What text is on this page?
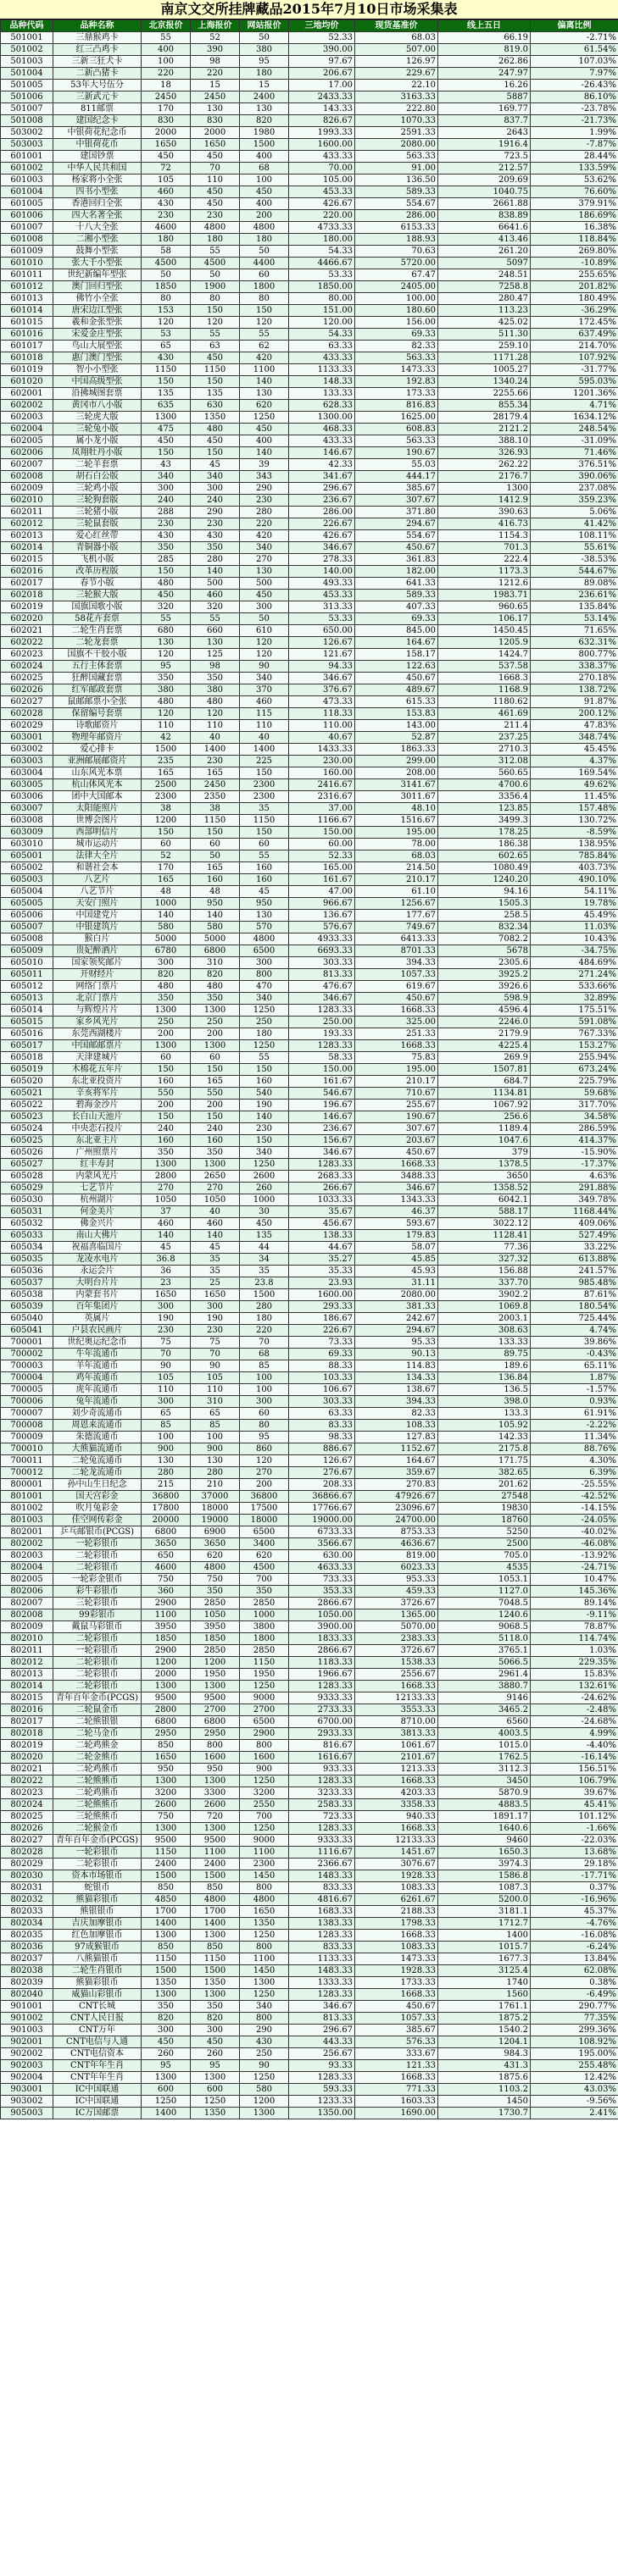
南京文交所挂牌藏品2015年7月10日市场采集表
品种代码	品种名称	北京报价	上海报价	网站报价	三地均价	现货基准价	线上五日	偏离比例
501001	三鼎猴鸡卡	55	52	50	52.33	68.03	66.19	-2.71%
501002	红三凸鸡卡	400	390	380	390.00	507.00	819.0	61.54%
501003	三新三狂犬卡	100	98	95	97.67	126.97	262.86	107.03%
501004	二新凸猪卡	220	220	180	206.67	229.67	247.97	7.97%
501005	53年大号伍分	18	15	15	17.00	22.10	16.26	-26.43%
501006	三新武元卡	2450	2450	2400	2433.33	3163.33	5887	86.10%
501007	811邮票	170	130	130	143.33	222.80	169.77	-23.78%
501008	建国纪念卡	830	830	820	826.67	1070.33	837.7	-21.73%
503002	中银荷花纪念币	2000	2000	1980	1993.33	2591.33	2643	1.99%
503003	中银荷花币	1650	1650	1500	1600.00	2080.00	1916.4	-7.87%
601001	建国钞票	450	450	400	433.33	563.33	723.5	28.44%
601002	中华人民共和国	72	70	68	70.00	91.00	212.57	133.59%
601003	杨家将小全张	105	110	100	105.00	136.50	209.69	53.62%
601004	四书小型张	460	450	450	453.33	589.33	1040.75	76.60%
601005	香港回归全张	430	450	400	426.67	554.67	2661.88	379.91%
601006	四大名著全张	230	230	200	220.00	286.00	838.89	186.69%
601007	十八大全张	4600	4800	4800	4733.33	6153.33	6641.6	16.38%
601008	二湘小型张	180	180	180	180.00	188.93	413.46	118.84%
601009	鼓舞小型张	58	55	50	54.33	70.63	261.20	269.80%
601010	张大千小型张	4500	4500	4400	4466.67	5720.00	5097	-10.89%
601011	世纪新编年型张	50	50	60	53.33	67.47	248.51	255.65%
601012	澳门回归型张	1850	1900	1800	1850.00	2405.00	7258.8	201.82%
601013	佛竹小全张	80	80	80	80.00	100.00	280.47	180.49%
601014	唐宋边江型张	153	150	150	151.00	180.60	113.23	-36.29%
601015	羲和金张型张	120	120	120	120.00	156.00	425.02	172.45%
601016	宋爱金庄型张	53	55	55	54.33	69.33	511.30	637.49%
601017	鸟山大展型张	65	63	62	63.33	82.33	259.10	214.70%
601018	惠门澳门型张	430	450	420	433.33	563.33	1171.28	107.92%
601019	智小小型张	1150	1150	1100	1133.33	1473.33	1005.27	-31.77%
601020	中国高级型张	150	150	140	148.33	192.83	1340.24	595.03%
602001	沿拂城图套票	135	135	130	133.33	173.33	2255.66	1201.36%
602002	黄冈市八小版	635	630	620	628.33	816.83	855.34	4.71%
602003	三轮虎大版	1300	1350	1250	1300.00	1625.00	28179.4	1634.12%
602004	三轮兔小版	475	480	450	468.33	608.83	2121.2	248.54%
602005	属小龙小版	450	450	400	433.33	563.33	388.10	-31.09%
602006	凤翔牡丹小版	150	150	140	146.67	190.67	326.93	71.46%
602007	二轮羊套票	43	45	39	42.33	55.03	262.22	376.51%
602008	胡石白公版	340	340	343	341.67	444.17	2176.7	390.06%
602009	三轮鸡小版	300	300	290	296.67	385.67	1300	237.08%
602010	三轮狗套版	240	240	230	236.67	307.67	1412.9	359.23%
602011	三轮猪小版	288	290	280	286.00	371.80	390.63	5.06%
602012	三轮鼠套版	230	230	220	226.67	294.67	416.73	41.42%
602013	爱心红丝带	430	430	420	426.67	554.67	1154.3	108.11%
602014	青铜器小版	350	350	340	346.67	450.67	701.3	55.61%
602015	飞机小版	285	280	270	278.33	361.83	222.4	-38.53%
602016	改革历程版	150	140	130	140.00	182.00	1173.3	544.67%
602017	春节小版	480	500	500	493.33	641.33	1212.6	89.08%
602018	三轮猴大版	450	460	450	453.33	589.33	1983.71	236.61%
602019	国旗国歌小版	320	320	300	313.33	407.33	960.65	135.84%
602020	58花卉套票	55	55	50	53.33	69.33	106.17	53.14%
602021	二轮生肖套票	680	660	610	650.00	845.00	1450.45	71.65%
602022	二轮龙套票	130	130	120	126.67	164.67	1205.9	632.31%
602023	国旗不干胶小版	120	125	120	121.67	158.17	1424.7	800.77%
602024	五行主体套票	95	98	90	94.33	122.63	537.58	338.37%
602025	狂醉国藏套票	350	350	340	346.67	450.67	1668.3	270.18%
602026	红军邮政套票	380	380	370	376.67	489.67	1168.9	138.72%
602027	鼠邮邮票小全张	480	480	460	473.33	615.33	1180.62	91.87%
602028	保留编号套票	120	120	115	118.33	153.83	461.69	200.12%
602029	诗歌邮资片	110	110	110	110.00	143.00	211.4	47.83%
603001	物理年邮资片	42	40	40	40.67	52.87	237.25	348.74%
603002	爱心排卡	1500	1400	1400	1433.33	1863.33	2710.3	45.45%
603003	亚洲邮展邮资片	235	230	225	230.00	299.00	312.08	4.37%
603004	山东风光本票	165	165	150	160.00	208.00	560.65	169.54%
603005	杭山体风光本	2500	2450	2300	2416.67	3141.67	4700.6	49.62%
603006	团中大国邮本	2300	2350	2300	2316.67	3011.67	3356.4	11.45%
603007	太阳能照片	38	38	35	37.00	48.10	123.85	157.48%
603008	世博会图片	1200	1150	1150	1166.67	1516.67	3499.3	130.72%
603009	西部明信片	150	150	150	150.00	195.00	178.25	-8.59%
603010	城市运动片	60	60	60	60.00	78.00	186.38	138.95%
605001	法律大全片	52	50	55	52.33	68.03	602.65	785.84%
605002	和谐社会本	170	165	160	165.00	214.50	1080.49	403.73%
605003	八艺片	165	160	160	161.67	210.17	1240.20	490.10%
605004	八艺节片	48	48	45	47.00	61.10	94.16	54.11%
605005	天安门照片	1000	950	950	966.67	1256.67	1505.3	19.78%
605006	中国建党片	140	140	130	136.67	177.67	258.5	45.49%
605007	中银建筑片	580	580	570	576.67	749.67	832.34	11.03%
605008	猴白片	5000	5000	4800	4933.33	6413.33	7082.2	10.43%
605009	贵妃醉酒片	6780	6800	6500	6693.33	8701.33	5678	-34.75%
605010	国家领奖邮片	300	310	300	303.33	394.33	2305.6	484.69%
605011	开财经片	820	820	800	813.33	1057.33	3925.2	271.24%
605012	网络门票片	480	480	470	476.67	619.67	3926.6	533.66%
605013	北京门票片	350	350	340	346.67	450.67	598.9	32.89%
605014	与辉煌片片	1300	1300	1250	1283.33	1668.33	4596.4	175.51%
605015	家乡风光片	250	250	250	250.00	325.00	2246.0	591.08%
605016	东莞西湖楼片	200	200	180	193.33	251.33	2179.9	767.33%
605017	中国邮邮票片	1300	1300	1250	1283.33	1668.33	4225.4	153.27%
605018	天津建城片	60	60	55	58.33	75.83	269.9	255.94%
605019	木棉花五年片	150	150	150	150.00	195.00	1507.81	673.24%
605020	东北亚投资片	160	165	160	161.67	210.17	684.7	225.79%
605021	辛亥将军片	550	550	540	546.67	710.67	1134.81	59.68%
605022	碧海金沙片	200	200	190	196.67	255.67	1067.92	317.70%
605023	长白山天池片	150	150	140	146.67	190.67	256.6	34.58%
605024	中央恋石投片	240	240	230	236.67	307.67	1189.4	286.59%
605025	东北亚主片	160	160	150	156.67	203.67	1047.6	414.37%
605026	广州照票片	350	350	340	346.67	450.67	379	-15.90%
605027	红丰寿封	1300	1300	1250	1283.33	1668.33	1378.5	-17.37%
605028	内蒙风光片	2800	2650	2600	2683.33	3488.33	3650	4.63%
605029	七艺节片	270	270	260	266.67	346.67	1358.52	291.88%
605030	杭州湖片	1050	1050	1000	1033.33	1343.33	6042.1	349.78%
605031	何金美片	37	40	30	35.67	46.37	588.17	1168.44%
605032	佛金兴片	460	460	450	456.67	593.67	3022.12	409.06%
605033	南山大佛片	140	140	135	138.33	179.83	1128.41	527.49%
605034	祝福喜临国片	45	45	44	44.67	58.07	77.36	33.22%
605035	龙凌水电片	36.8	35	34	35.27	45.85	327.32	613.88%
605036	永运会片	36	35	35	35.33	45.93	156.88	241.57%
605037	大明台片片	23	25	23.8	23.93	31.11	337.70	985.48%
605038	内蒙套书片	1650	1650	1500	1600.00	2080.00	3902.2	87.61%
605039	百年集团片	300	300	280	293.33	381.33	1069.8	180.54%
605040	英属片	190	190	180	186.67	242.67	2003.1	725.44%
605041	户县农民画片	230	230	220	226.67	294.67	308.63	4.74%
700001	世纪奥运纪念币	75	75	70	73.33	95.33	133.33	39.86%
700002	牛年流通币	70	70	68	69.33	90.13	89.75	-0.43%
700003	羊年流通币	90	90	85	88.33	114.83	189.6	65.11%
700004	鸡年流通币	105	105	100	103.33	134.33	136.84	1.87%
700005	虎年流通币	110	110	100	106.67	138.67	136.5	-1.57%
700006	兔年流通币	300	310	300	303.33	394.33	398.0	0.93%
700007	刘少奇流通币	65	65	60	63.33	82.33	133.3	61.91%
700008	周恩来流通币	85	85	80	83.33	108.33	105.92	-2.22%
700009	朱德流通币	100	100	95	98.33	127.83	142.33	11.34%
700010	大熊猫流通币	900	900	860	886.67	1152.67	2175.8	88.76%
700011	二轮兔流通币	130	130	120	126.67	164.67	171.75	4.30%
700012	二轮龙流通币	280	280	270	276.67	359.67	382.65	6.39%
800001	孙中山生日纪念	215	210	200	208.33	270.83	201.62	-25.55%
801001	国天宫彩金	36800	37000	36800	36866.67	47926.67	27548	-42.52%
801002	吹月兔彩金	17800	18000	17500	17766.67	23096.67	19830	-14.15%
801003	佳空网传彩金	20000	19000	18000	19000.00	24700.00	18760	-24.05%
802001	乒乓邮银币(PCGS)	6800	6900	6500	6733.33	8753.33	5250	-40.02%
802002	一轮彩银币	3650	3650	3400	3566.67	4636.67	2500	-46.08%
802003	二轮彩银币	650	620	620	630.00	819.00	705.0	-13.92%
802004	二轮彩银币	4600	4800	4500	4633.33	6023.33	4535	-24.71%
802005	一轮彩金银币	750	750	700	733.33	953.33	1053.1	10.47%
802006	彩牛彩银币	360	350	350	353.33	459.33	1127.0	145.36%
802007	三轮彩银币	2900	2850	2850	2866.67	3726.67	7048.5	89.14%
802008	99彩银币	1100	1050	1000	1050.00	1365.00	1240.6	-9.11%
802009	戴鼠马彩银币	3950	3950	3800	3900.00	5070.00	9068.5	78.87%
802010	二轮彩银币	1850	1850	1800	1833.33	2383.33	5118.0	114.74%
802011	一轮彩银币	2900	2850	2850	2866.67	3726.67	3765.1	1.03%
802012	二轮彩银币	1200	1200	1150	1183.33	1538.33	5066.5	229.35%
802013	二轮彩银币	2000	1950	1950	1966.67	2556.67	2961.4	15.83%
802014	二轮彩银币	1300	1300	1250	1283.33	1668.33	3880.7	132.61%
802015	青年百年金币(PCGS)	9500	9500	9000	9333.33	12133.33	9146	-24.62%
802016	二轮鼠金币	2800	2700	2700	2733.33	3553.33	3465.2	-2.48%
802017	二轮熊银银	6800	6800	6500	6700.00	8710.00	6560	-24.68%
802018	二轮马金币	2950	2950	2900	2933.33	3813.33	4003.5	4.99%
802019	二轮鸡熊金	850	800	800	816.67	1061.67	1015.0	-4.40%
802020	二轮金熊币	1650	1600	1600	1616.67	2101.67	1762.5	-16.14%
802021	二轮鸡熊币	950	950	900	933.33	1213.33	3112.3	156.51%
802022	二轮熊熊币	1300	1300	1250	1283.33	1668.33	3450	106.79%
802023	二轮鸡熊币	3200	3300	3200	3233.33	4203.33	5870.9	39.67%
802024	二轮熊熊币	2600	2600	2550	2583.33	3358.33	4883.5	45.41%
802025	三轮熊熊币	750	720	700	723.33	940.33	1891.17	101.12%
802026	二轮猴金币	1300	1300	1250	1283.33	1668.33	1640.6	-1.66%
802027	青年百年金币(PCGS)	9500	9500	9000	9333.33	12133.33	9460	-22.03%
802028	一轮彩银币	1150	1100	1100	1116.67	1451.67	1650.3	13.68%
802029	二轮彩银币	2400	2400	2300	2366.67	3076.67	3974.3	29.18%
802030	资本市场银币	1500	1500	1450	1483.33	1928.33	1586.8	-17.71%
802031	蛇银币	850	850	800	833.33	1083.33	1087.3	0.37%
802032	熊猫彩银币	4850	4800	4800	4816.67	6261.67	5200.0	-16.96%
802033	熊银银币	1700	1700	1650	1683.33	2188.33	3181.1	45.37%
802034	吉庆加摩银币	1400	1400	1350	1383.33	1798.33	1712.7	-4.76%
802035	红色加摩银币	1300	1300	1250	1283.33	1668.33	1400	-16.08%
802036	97成猴银币	850	850	800	833.33	1083.33	1015.7	-6.24%
802037	八熊猫银币	1150	1150	1100	1133.33	1473.33	1677.3	13.84%
802038	二轮生肖银币	1500	1500	1450	1483.33	1928.33	3125.4	62.08%
802039	熊猫彩银币	1350	1350	1300	1333.33	1733.33	1740	0.38%
802040	威猫山彩银币	1300	1300	1250	1283.33	1668.33	1560	-6.49%
901001	CNT长城	350	350	340	346.67	450.67	1761.1	290.77%
901002	CNT人民日报	820	820	800	813.33	1057.33	1875.2	77.35%
901003	CNT万年	300	300	290	296.67	385.67	1540.2	299.36%
902001	CNT电信与人通	450	450	430	443.33	576.33	1204.1	108.92%
902002	CNT电信资本	260	260	250	256.67	333.67	984.3	195.00%
902003	CNT年年生肖	95	95	90	93.33	121.33	431.3	255.48%
902004	CNT年年生肖	1300	1300	1250	1283.33	1668.33	1875.6	12.42%
903001	IC中国联通	600	600	580	593.33	771.33	1103.2	43.03%
903002	IC中国联通	1250	1250	1200	1233.33	1603.33	1450	-9.56%
905003	IC万国邮票	1400	1350	1300	1350.00	1690.00	1730.7	2.41%
